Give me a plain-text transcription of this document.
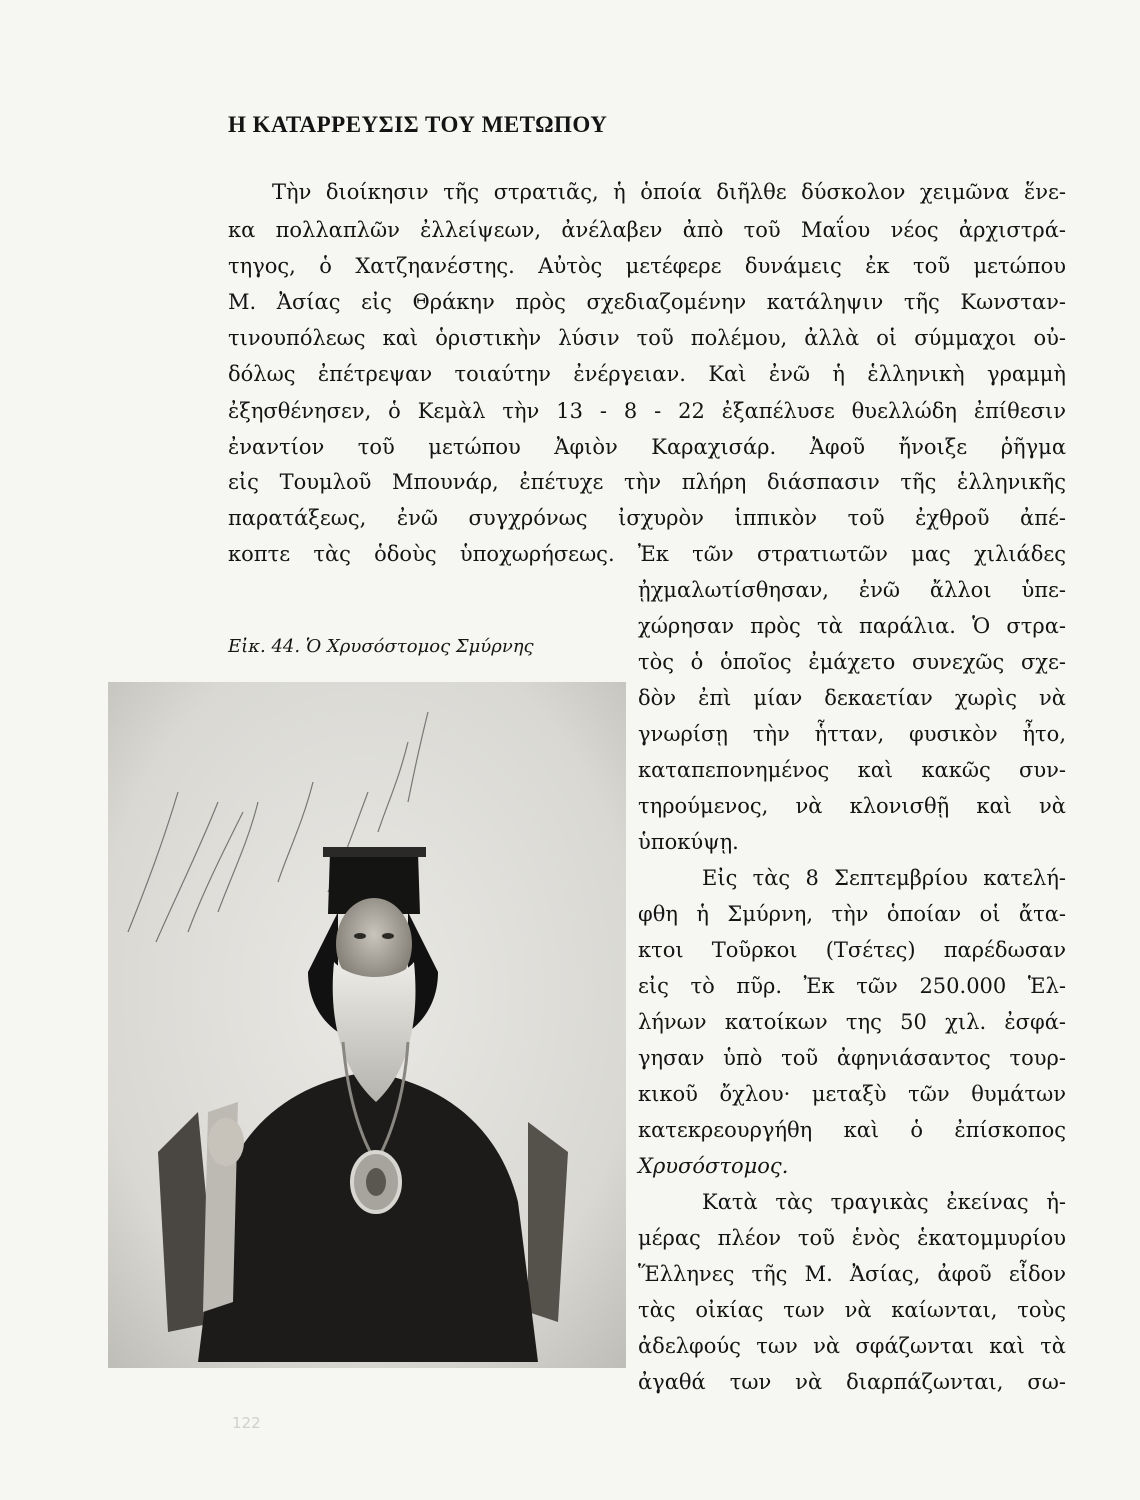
Η ΚΑΤΑΡΡΕΥΣΙΣ ΤΟΥ ΜΕΤΩΠΟΥ
Τὴν διοίκησιν τῆς στρατιᾶς, ἡ ὁποία διῆλθε δύσκολον χειμῶνα ἕνε-
κα πολλαπλῶν ἐλλείψεων, ἀνέλαβεν ἀπὸ τοῦ Μαΐου νέος ἀρχιστρά-
τηγος, ὁ Χατζηανέστης. Αὐτὸς μετέφερε δυνάμεις ἐκ τοῦ μετώπου
Μ. Ἀσίας εἰς Θράκην πρὸς σχεδιαζομένην κατάληψιν τῆς Κωνσταν-
τινουπόλεως καὶ ὁριστικὴν λύσιν τοῦ πολέμου, ἀλλὰ οἱ σύμμαχοι οὐ-
δόλως ἐπέτρεψαν τοιαύτην ἐνέργειαν. Καὶ ἐνῶ ἡ ἑλληνικὴ γραμμὴ
ἐξησθένησεν, ὁ Κεμὰλ τὴν 13 - 8 - 22 ἐξαπέλυσε θυελλώδη ἐπίθεσιν
ἐναντίον τοῦ μετώπου Ἀφιὸν Καραχισάρ. Ἀφοῦ ἤνοιξε ῥῆγμα
εἰς Τουμλοῦ Μπουνάρ, ἐπέτυχε τὴν πλήρη διάσπασιν τῆς ἑλληνικῆς
παρατάξεως, ἐνῶ συγχρόνως ἰσχυρὸν ἱππικὸν τοῦ ἐχθροῦ ἀπέ-
κοπτε τὰς ὁδοὺς ὑποχωρήσεως. Ἐκ τῶν στρατιωτῶν μας χιλιάδες
ᾐχμαλωτίσθησαν, ἐνῶ ἄλλοι ὑπε-
χώρησαν πρὸς τὰ παράλια. Ὁ στρα-
τὸς ὁ ὁποῖος ἐμάχετο συνεχῶς σχε-
δὸν ἐπὶ μίαν δεκαετίαν χωρὶς νὰ
γνωρίσῃ τὴν ἧτταν, φυσικὸν ἦτο,
καταπεπονημένος καὶ κακῶς συν-
τηρούμενος, νὰ κλονισθῇ καὶ νὰ
ὑποκύψῃ.
Εἰς τὰς 8 Σεπτεμβρίου κατελή-
φθη ἡ Σμύρνη, τὴν ὁποίαν οἱ ἄτα-
κτοι Τοῦρκοι (Τσέτες) παρέδωσαν
εἰς τὸ πῦρ. Ἐκ τῶν 250.000 Ἑλ-
λήνων κατοίκων της 50 χιλ. ἐσφά-
γησαν ὑπὸ τοῦ ἀφηνιάσαντος τουρ-
κικοῦ ὄχλου· μεταξὺ τῶν θυμάτων
κατεκρεουργήθη καὶ ὁ ἐπίσκοπος
Χρυσόστομος.
Κατὰ τὰς τραγικὰς ἐκείνας ἡ-
μέρας πλέον τοῦ ἑνὸς ἑκατομμυρίου
Ἕλληνες τῆς Μ. Ἀσίας, ἀφοῦ εἶδον
τὰς οἰκίας των νὰ καίωνται, τοὺς
ἀδελφούς των νὰ σφάζωνται καὶ τὰ
ἀγαθά των νὰ διαρπάζωνται, σω-
Εἰκ. 44. Ὁ Χρυσόστομος Σμύρνης
122
